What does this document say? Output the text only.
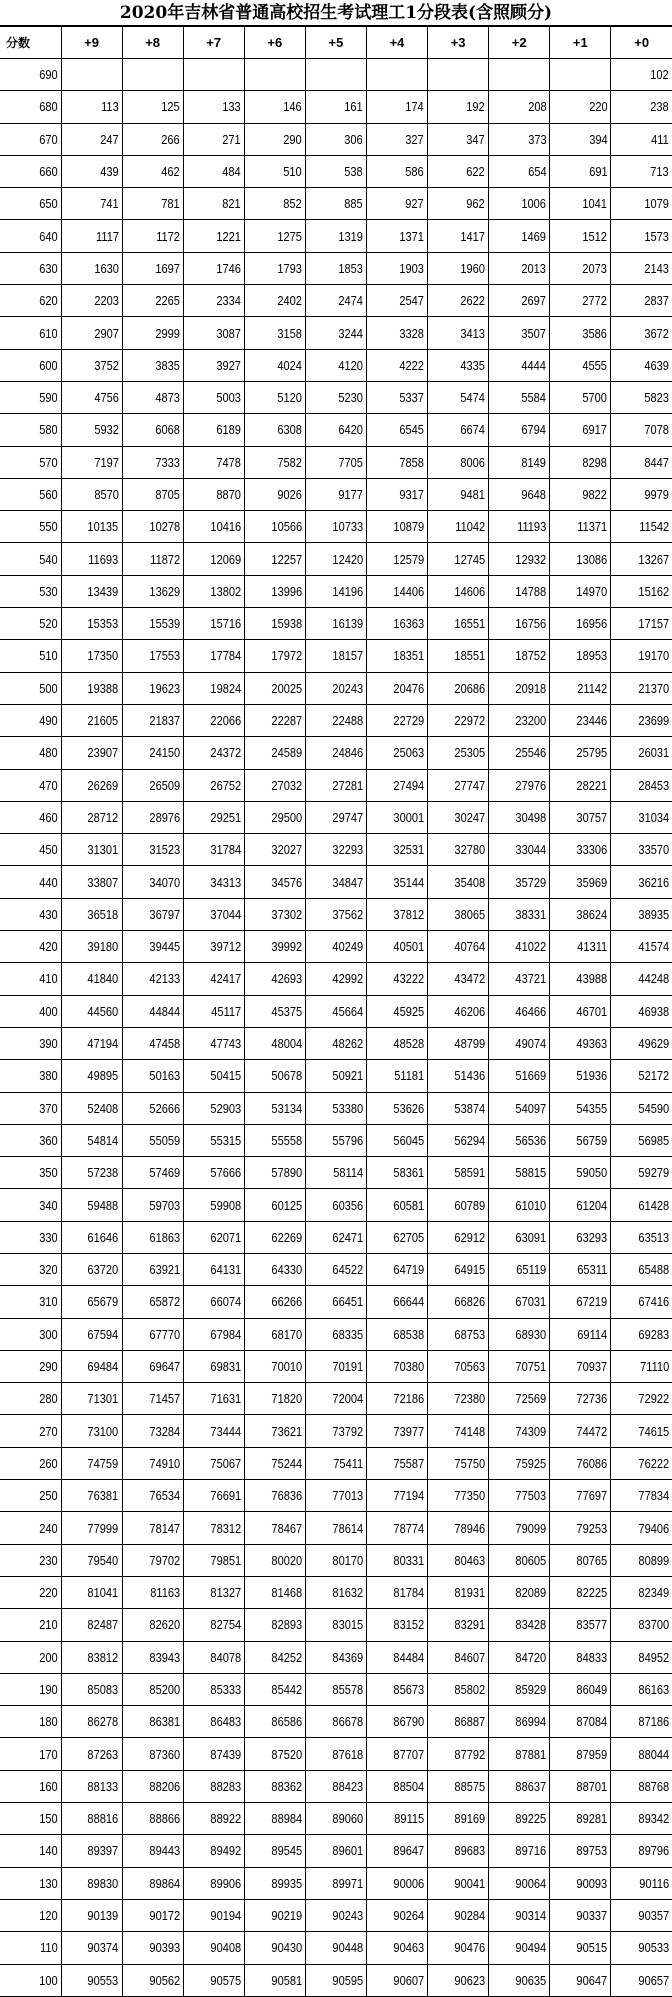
2020年吉林省普通高校招生考试理工1分段表(含照顾分)
分数	+9	+8	+7	+6	+5	+4	+3	+2	+1	+0
690										102
680	113	125	133	146	161	174	192	208	220	238
670	247	266	271	290	306	327	347	373	394	411
660	439	462	484	510	538	586	622	654	691	713
650	741	781	821	852	885	927	962	1006	1041	1079
640	1117	1172	1221	1275	1319	1371	1417	1469	1512	1573
630	1630	1697	1746	1793	1853	1903	1960	2013	2073	2143
620	2203	2265	2334	2402	2474	2547	2622	2697	2772	2837
610	2907	2999	3087	3158	3244	3328	3413	3507	3586	3672
600	3752	3835	3927	4024	4120	4222	4335	4444	4555	4639
590	4756	4873	5003	5120	5230	5337	5474	5584	5700	5823
580	5932	6068	6189	6308	6420	6545	6674	6794	6917	7078
570	7197	7333	7478	7582	7705	7858	8006	8149	8298	8447
560	8570	8705	8870	9026	9177	9317	9481	9648	9822	9979
550	10135	10278	10416	10566	10733	10879	11042	11193	11371	11542
540	11693	11872	12069	12257	12420	12579	12745	12932	13086	13267
530	13439	13629	13802	13996	14196	14406	14606	14788	14970	15162
520	15353	15539	15716	15938	16139	16363	16551	16756	16956	17157
510	17350	17553	17784	17972	18157	18351	18551	18752	18953	19170
500	19388	19623	19824	20025	20243	20476	20686	20918	21142	21370
490	21605	21837	22066	22287	22488	22729	22972	23200	23446	23699
480	23907	24150	24372	24589	24846	25063	25305	25546	25795	26031
470	26269	26509	26752	27032	27281	27494	27747	27976	28221	28453
460	28712	28976	29251	29500	29747	30001	30247	30498	30757	31034
450	31301	31523	31784	32027	32293	32531	32780	33044	33306	33570
440	33807	34070	34313	34576	34847	35144	35408	35729	35969	36216
430	36518	36797	37044	37302	37562	37812	38065	38331	38624	38935
420	39180	39445	39712	39992	40249	40501	40764	41022	41311	41574
410	41840	42133	42417	42693	42992	43222	43472	43721	43988	44248
400	44560	44844	45117	45375	45664	45925	46206	46466	46701	46938
390	47194	47458	47743	48004	48262	48528	48799	49074	49363	49629
380	49895	50163	50415	50678	50921	51181	51436	51669	51936	52172
370	52408	52666	52903	53134	53380	53626	53874	54097	54355	54590
360	54814	55059	55315	55558	55796	56045	56294	56536	56759	56985
350	57238	57469	57666	57890	58114	58361	58591	58815	59050	59279
340	59488	59703	59908	60125	60356	60581	60789	61010	61204	61428
330	61646	61863	62071	62269	62471	62705	62912	63091	63293	63513
320	63720	63921	64131	64330	64522	64719	64915	65119	65311	65488
310	65679	65872	66074	66266	66451	66644	66826	67031	67219	67416
300	67594	67770	67984	68170	68335	68538	68753	68930	69114	69283
290	69484	69647	69831	70010	70191	70380	70563	70751	70937	71110
280	71301	71457	71631	71820	72004	72186	72380	72569	72736	72922
270	73100	73284	73444	73621	73792	73977	74148	74309	74472	74615
260	74759	74910	75067	75244	75411	75587	75750	75925	76086	76222
250	76381	76534	76691	76836	77013	77194	77350	77503	77697	77834
240	77999	78147	78312	78467	78614	78774	78946	79099	79253	79406
230	79540	79702	79851	80020	80170	80331	80463	80605	80765	80899
220	81041	81163	81327	81468	81632	81784	81931	82089	82225	82349
210	82487	82620	82754	82893	83015	83152	83291	83428	83577	83700
200	83812	83943	84078	84252	84369	84484	84607	84720	84833	84952
190	85083	85200	85333	85442	85578	85673	85802	85929	86049	86163
180	86278	86381	86483	86586	86678	86790	86887	86994	87084	87186
170	87263	87360	87439	87520	87618	87707	87792	87881	87959	88044
160	88133	88206	88283	88362	88423	88504	88575	88637	88701	88768
150	88816	88866	88922	88984	89060	89115	89169	89225	89281	89342
140	89397	89443	89492	89545	89601	89647	89683	89716	89753	89796
130	89830	89864	89906	89935	89971	90006	90041	90064	90093	90116
120	90139	90172	90194	90219	90243	90264	90284	90314	90337	90357
110	90374	90393	90408	90430	90448	90463	90476	90494	90515	90533
100	90553	90562	90575	90581	90595	90607	90623	90635	90647	90657
